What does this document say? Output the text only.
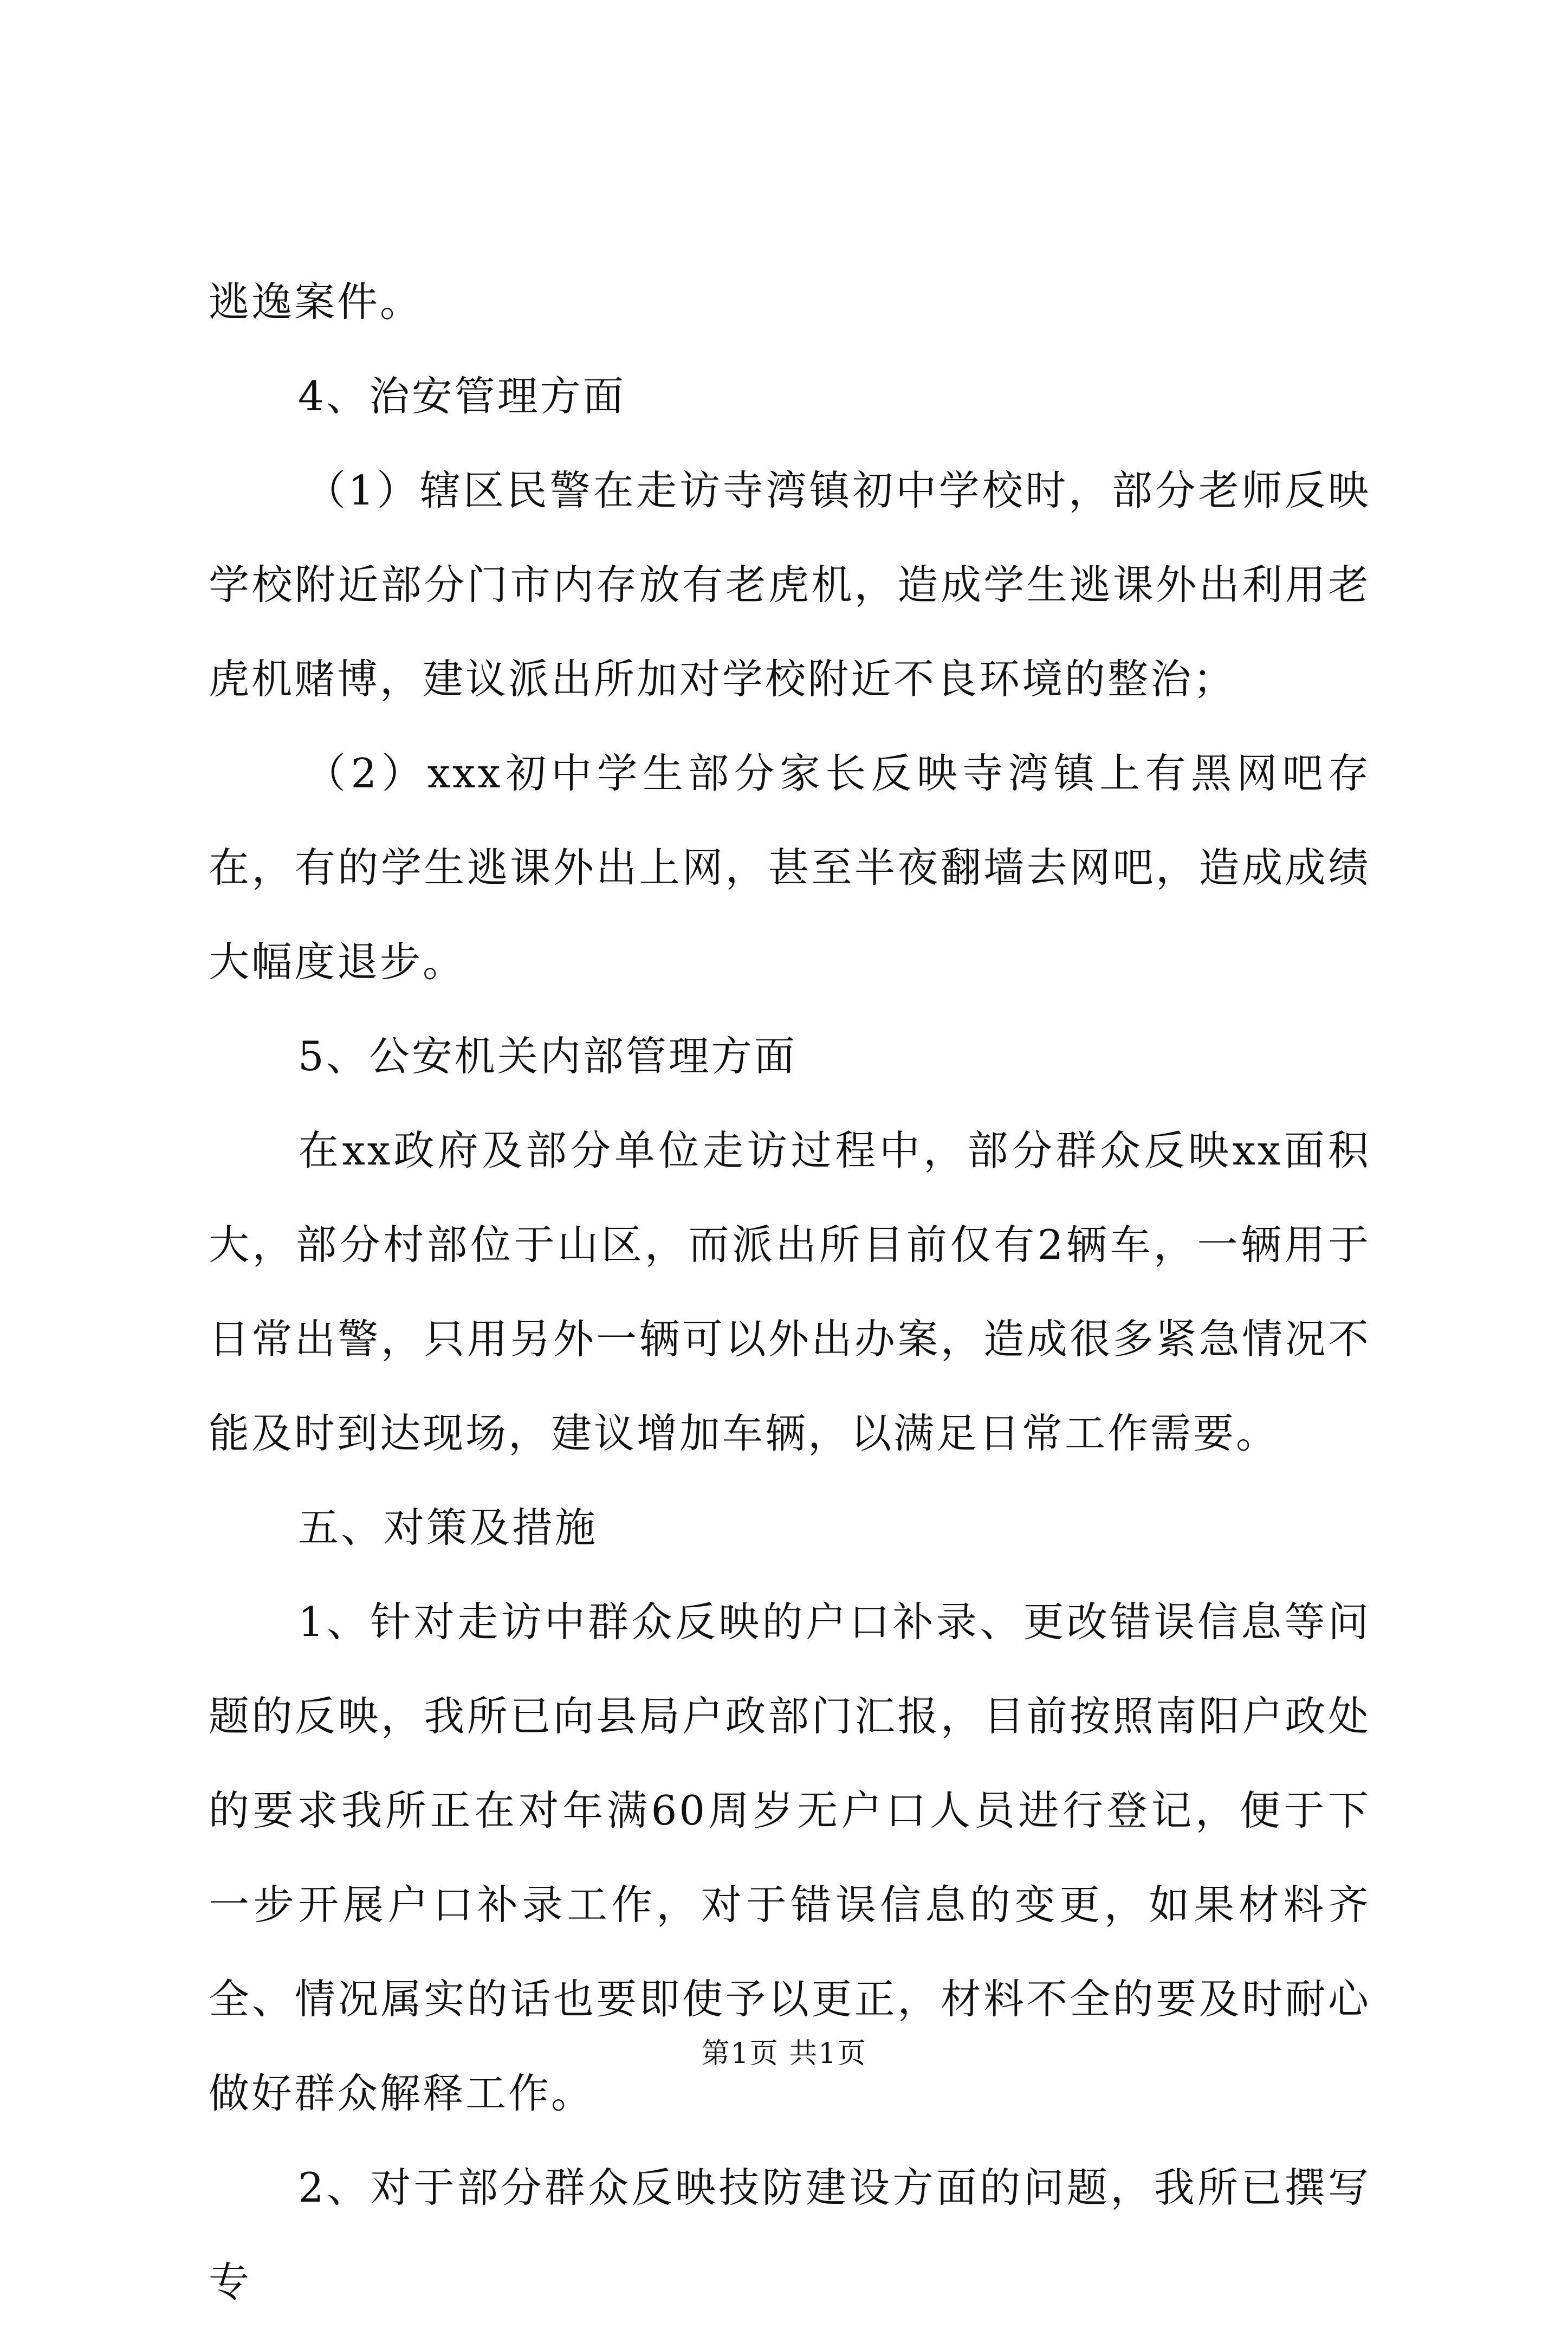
逃逸案件。

4、治安管理方面

（1）辖区民警在走访寺湾镇初中学校时，部分老师反映学校附近部分门市内存放有老虎机，造成学生逃课外出利用老虎机赌博，建议派出所加对学校附近不良环境的整治；

（2）xxx初中学生部分家长反映寺湾镇上有黑网吧存在，有的学生逃课外出上网，甚至半夜翻墙去网吧，造成成绩大幅度退步。

5、公安机关内部管理方面

在xx政府及部分单位走访过程中，部分群众反映xx面积大，部分村部位于山区，而派出所目前仅有2辆车，一辆用于日常出警，只用另外一辆可以外出办案，造成很多紧急情况不能及时到达现场，建议增加车辆，以满足日常工作需要。

五、对策及措施

1、针对走访中群众反映的户口补录、更改错误信息等问题的反映，我所已向县局户政部门汇报，目前按照南阳户政处的要求我所正在对年满60周岁无户口人员进行登记，便于下一步开展户口补录工作，对于错误信息的变更，如果材料齐全、情况属实的话也要即使予以更正，材料不全的要及时耐心做好群众解释工作。

2、对于部分群众反映技防建设方面的问题，我所已撰写专

第1页 共1页
